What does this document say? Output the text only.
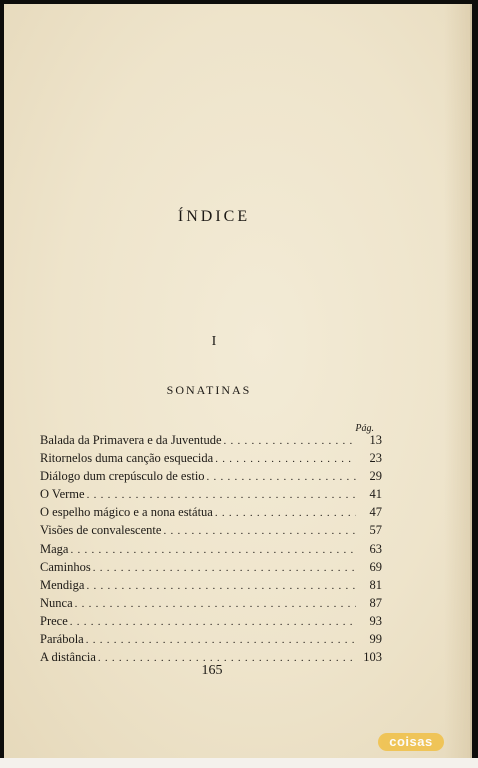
ÍNDICE
I
SONATINAS
Pág.
Balada da Primavera e da Juventude . . .	13
Ritornelos duma canção esquecida . . .	23
Diálogo dum crepúsculo de estio . . .	29
O Verme . . .	41
O espelho mágico e a nona estátua . . .	47
Visões de convalescente . . .	57
Maga . . .	63
Caminhos . . .	69
Mendiga . . .	81
Nunca . . .	87
Prece . . .	93
Parábola . . .	99
A distância . . .	103
165
coisas
